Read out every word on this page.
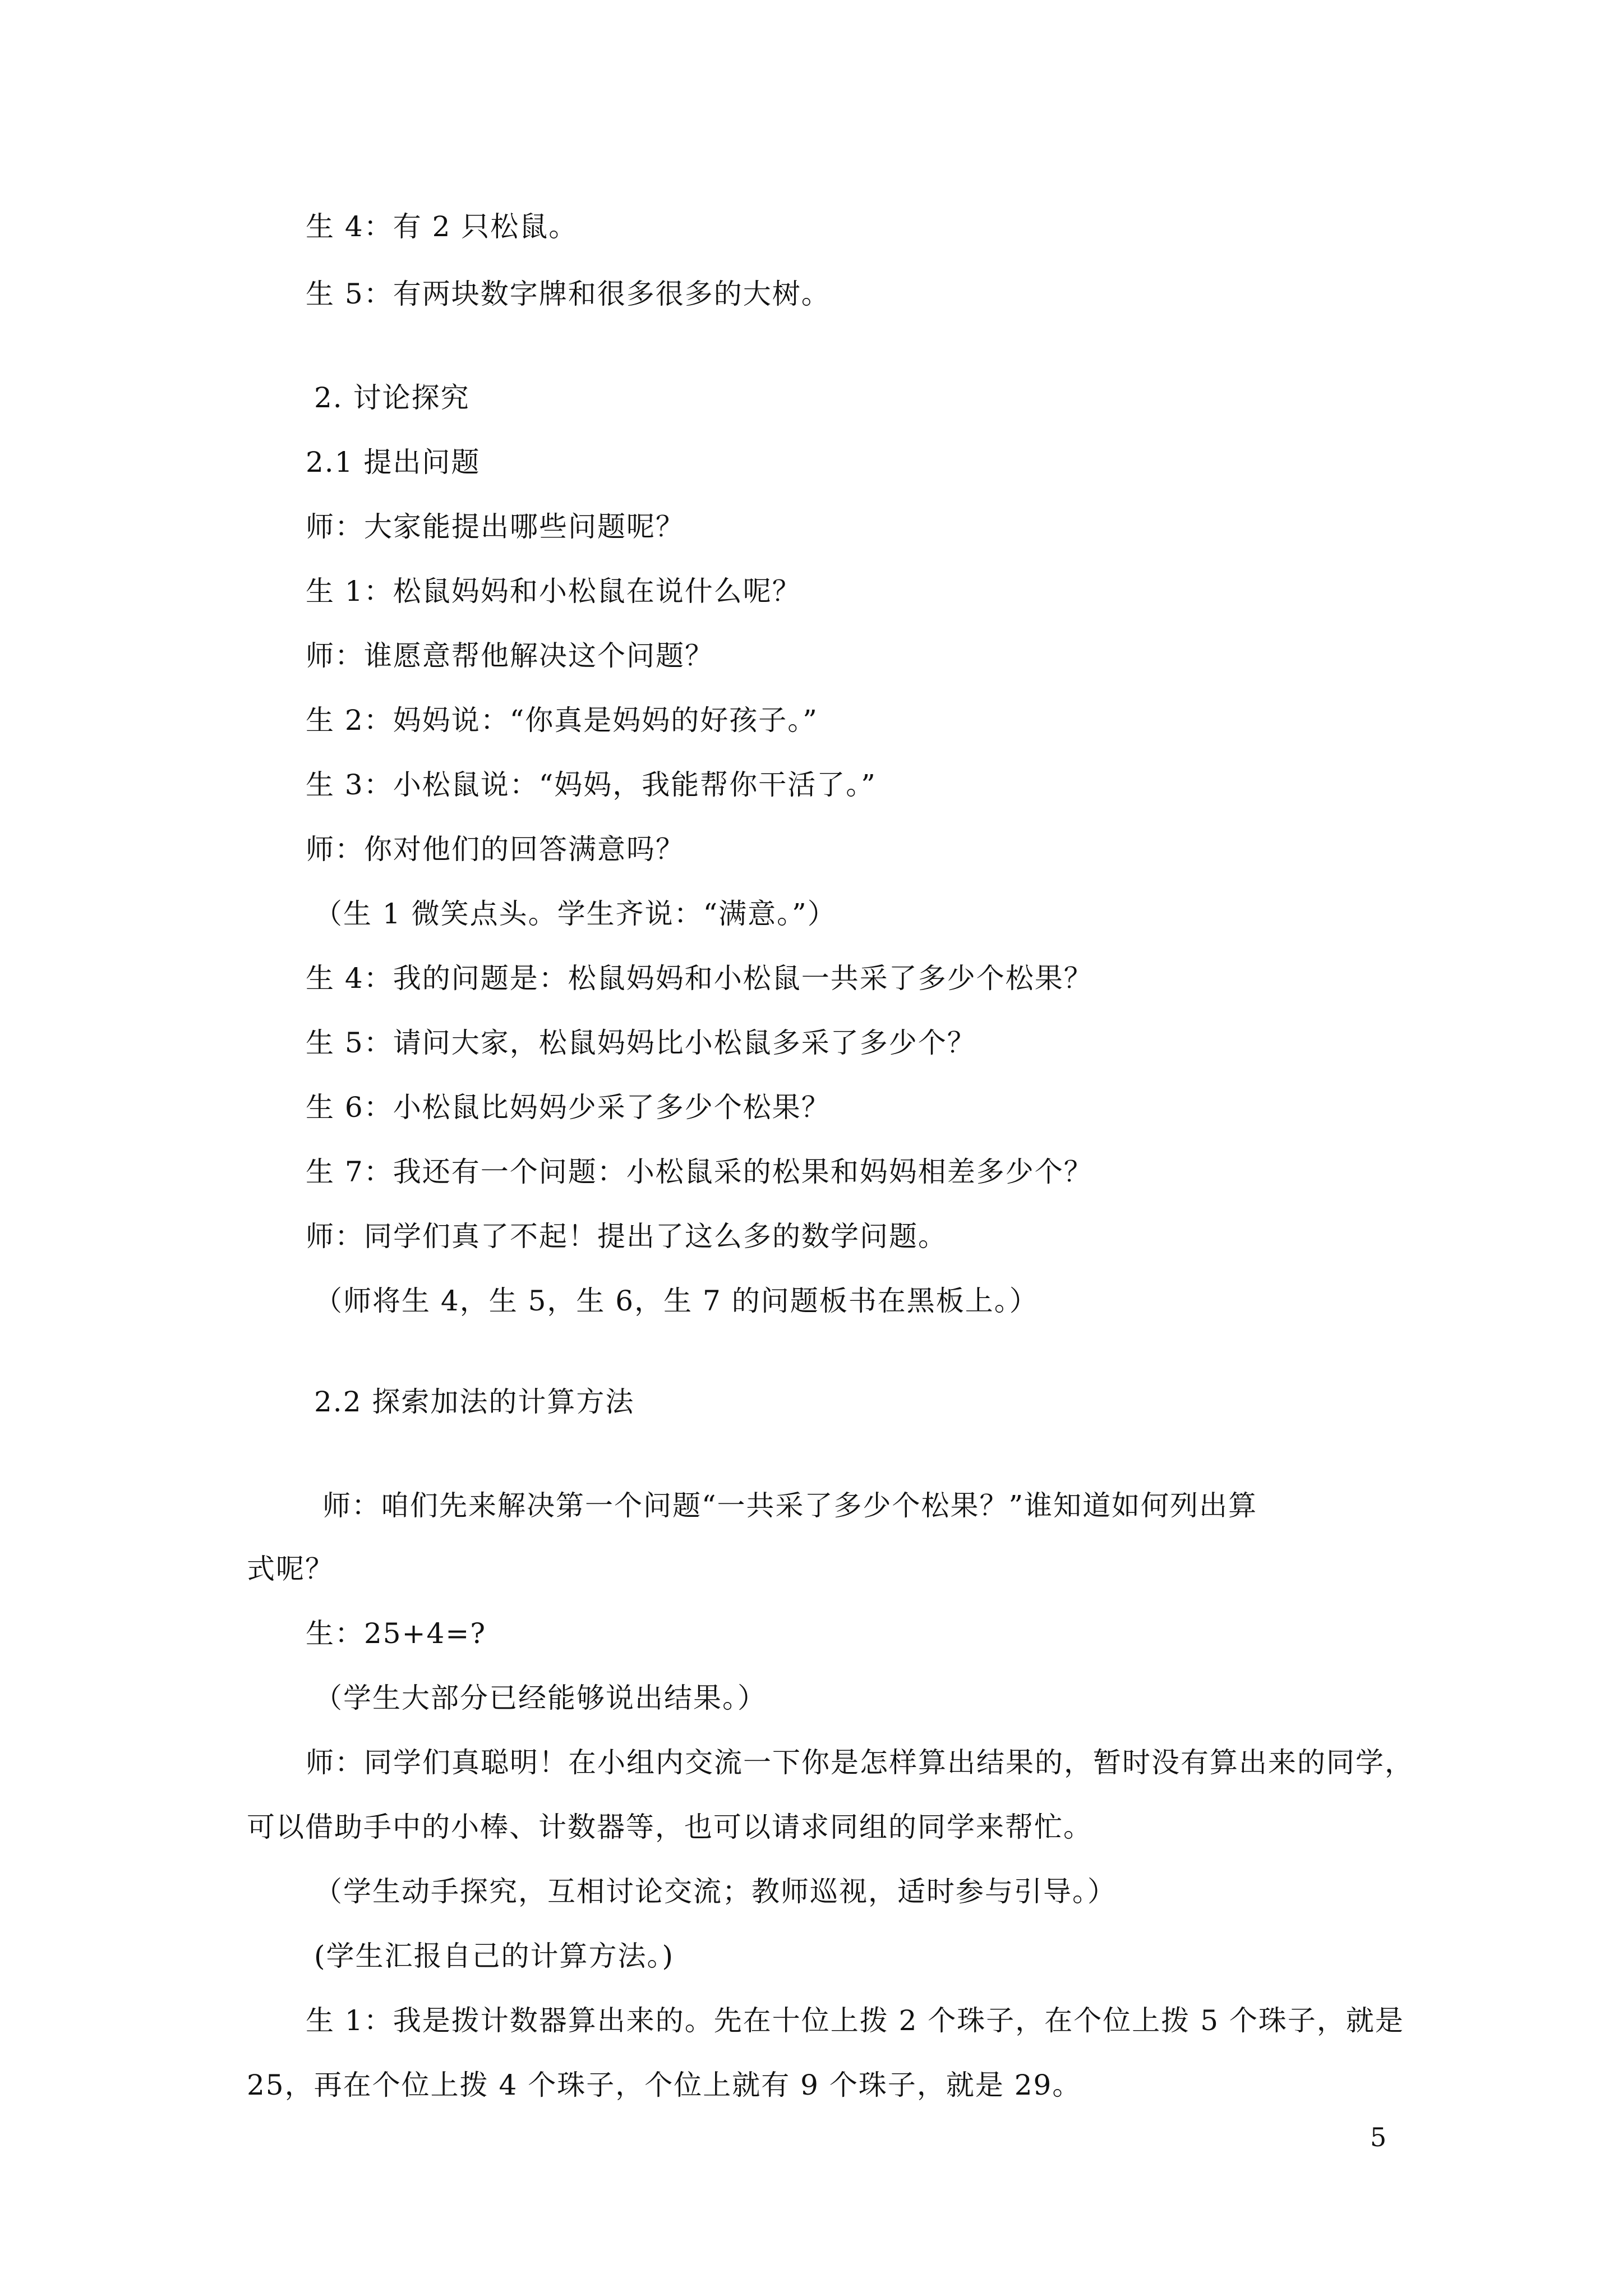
生 4：有 2 只松鼠。
生 5：有两块数字牌和很多很多的大树。
2. 讨论探究
2.1 提出问题
师：大家能提出哪些问题呢？
生 1：松鼠妈妈和小松鼠在说什么呢？
师：谁愿意帮他解决这个问题？
生 2：妈妈说：“你真是妈妈的好孩子。”
生 3：小松鼠说：“妈妈，我能帮你干活了。”
师：你对他们的回答满意吗？
（生 1 微笑点头。学生齐说：“满意。”）
生 4：我的问题是：松鼠妈妈和小松鼠一共采了多少个松果？
生 5：请问大家，松鼠妈妈比小松鼠多采了多少个？
生 6：小松鼠比妈妈少采了多少个松果？
生 7：我还有一个问题：小松鼠采的松果和妈妈相差多少个？
师：同学们真了不起！提出了这么多的数学问题。
（师将生 4，生 5，生 6，生 7 的问题板书在黑板上。）
2.2 探索加法的计算方法
师：咱们先来解决第一个问题“一共采了多少个松果？”谁知道如何列出算
式呢？
生：25+4=?
（学生大部分已经能够说出结果。）
师：同学们真聪明！在小组内交流一下你是怎样算出结果的，暂时没有算出来的同学，
可以借助手中的小棒、计数器等，也可以请求同组的同学来帮忙。
（学生动手探究，互相讨论交流；教师巡视，适时参与引导。）
(学生汇报自己的计算方法。)
生 1：我是拨计数器算出来的。先在十位上拨 2 个珠子，在个位上拨 5 个珠子，就是
25，再在个位上拨 4 个珠子，个位上就有 9 个珠子，就是 29。
5
